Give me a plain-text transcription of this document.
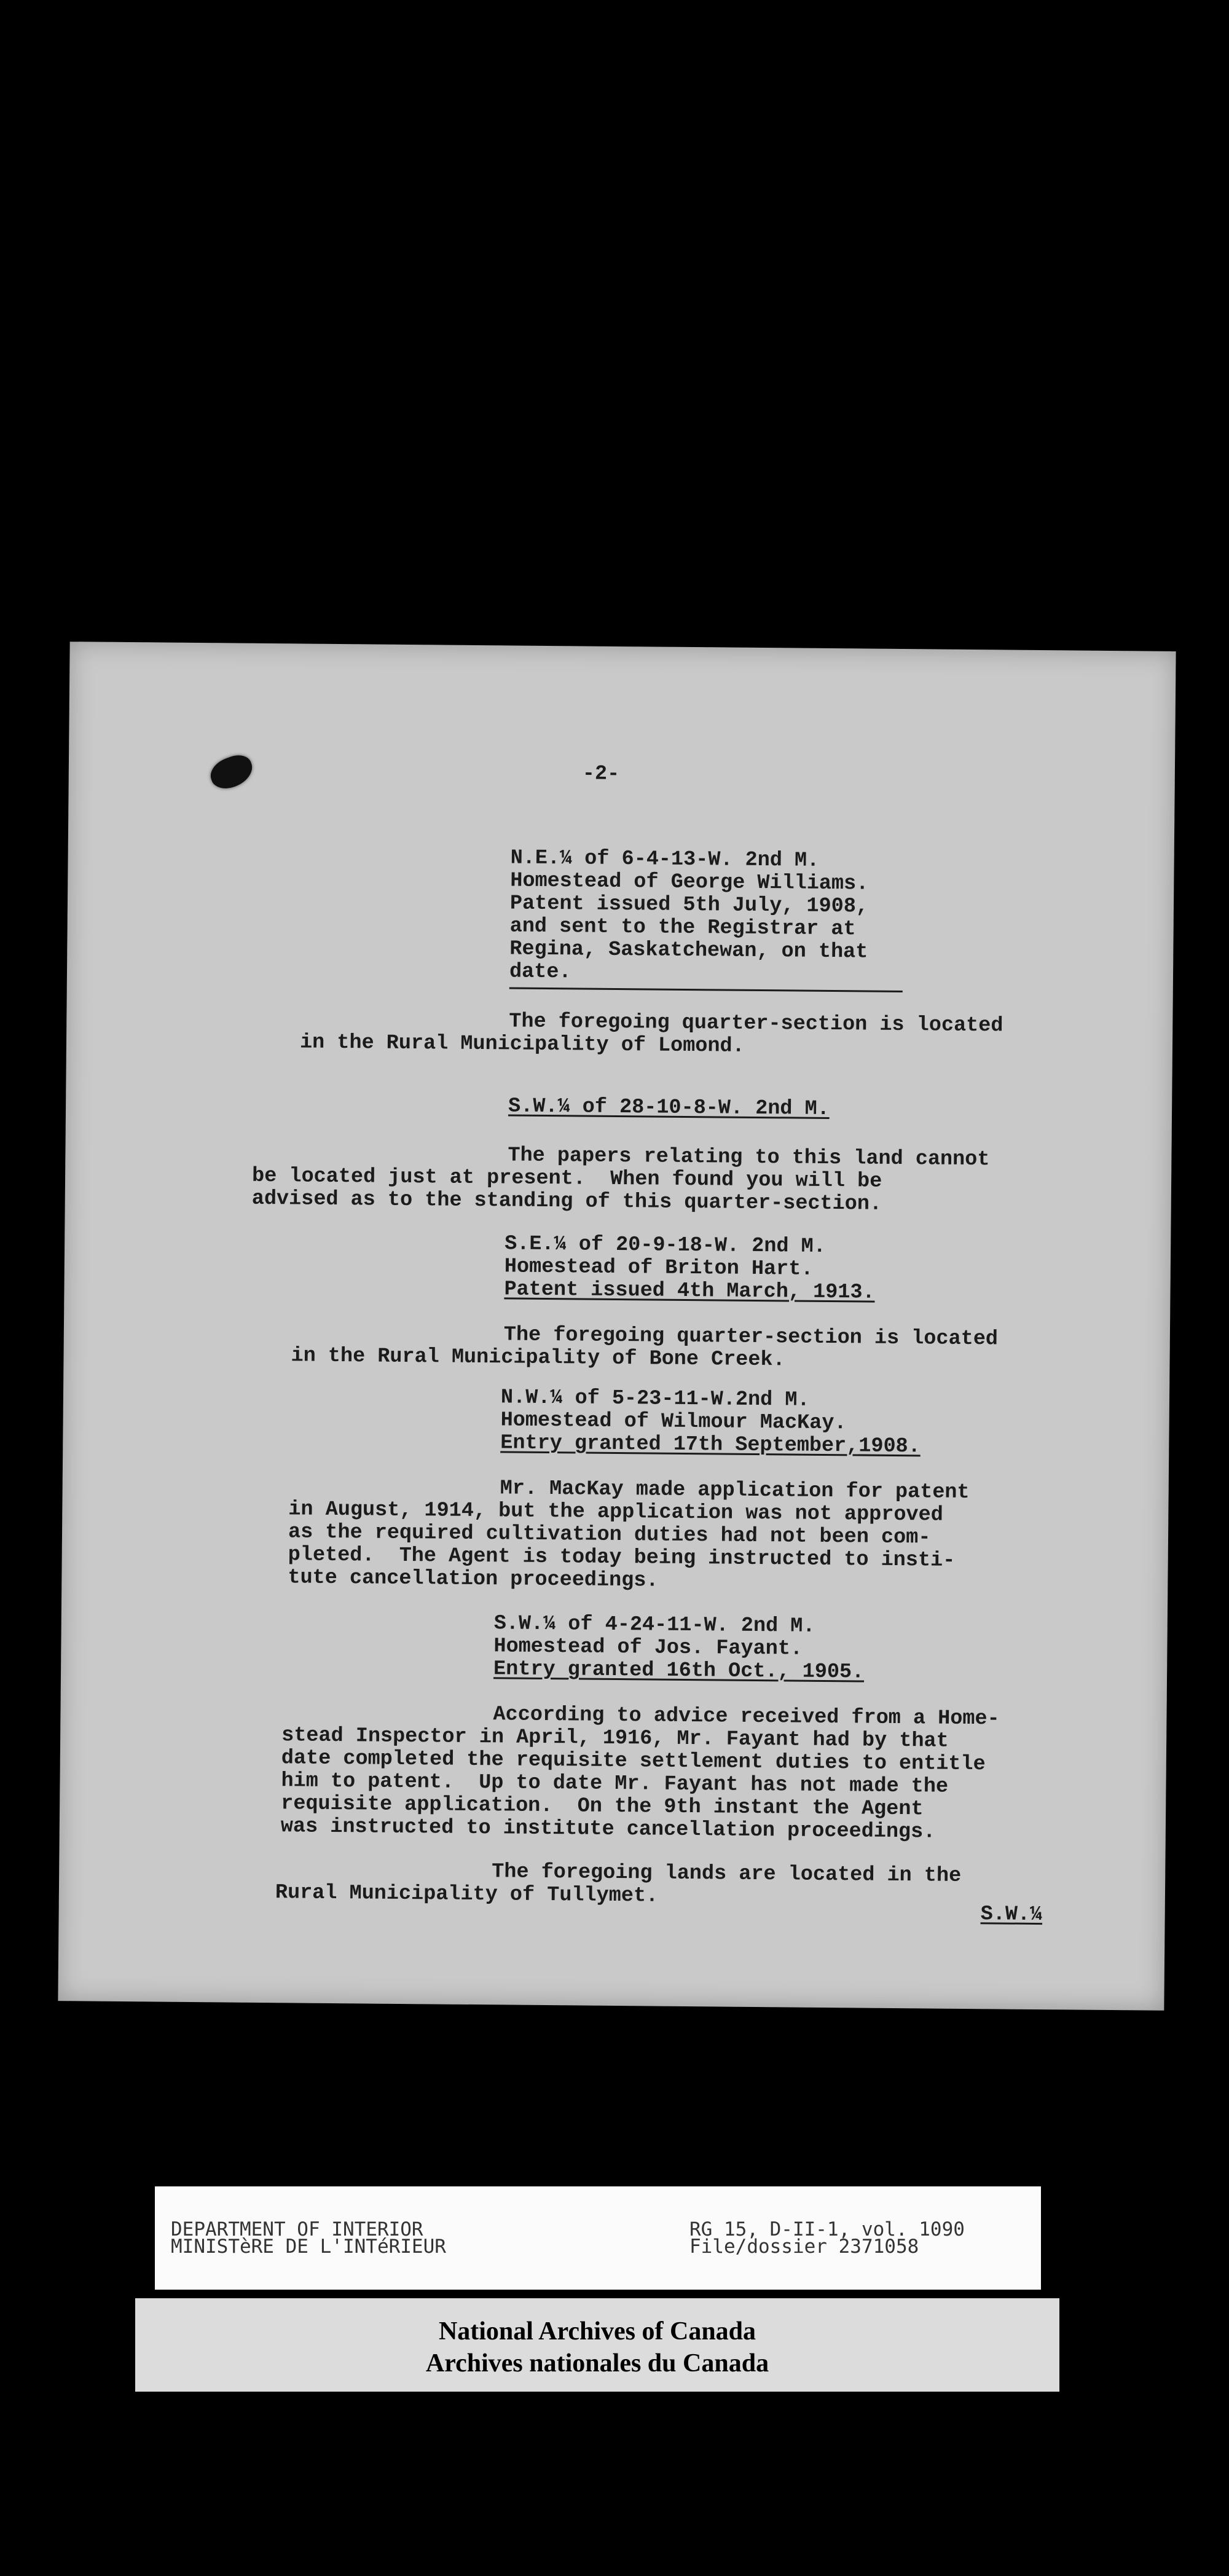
-2-
N.E.¼ of 6-4-13-W. 2nd M.
Homestead of George Williams.
Patent issued 5th July, 1908,
and sent to the Registrar at
Regina, Saskatchewan, on that
date.
The foregoing quarter-section is located
in the Rural Municipality of Lomond.
S.W.¼ of 28-10-8-W. 2nd M.
The papers relating to this land cannot
be located just at present.  When found you will be
advised as to the standing of this quarter-section.
S.E.¼ of 20-9-18-W. 2nd M.
Homestead of Briton Hart.
Patent issued 4th March, 1913.
The foregoing quarter-section is located
in the Rural Municipality of Bone Creek.
N.W.¼ of 5-23-11-W.2nd M.
Homestead of Wilmour MacKay.
Entry granted 17th September,1908.
Mr. MacKay made application for patent
in August, 1914, but the application was not approved
as the required cultivation duties had not been com-
pleted.  The Agent is today being instructed to insti-
tute cancellation proceedings.
S.W.¼ of 4-24-11-W. 2nd M.
Homestead of Jos. Fayant.
Entry granted 16th Oct., 1905.
According to advice received from a Home-
stead Inspector in April, 1916, Mr. Fayant had by that
date completed the requisite settlement duties to entitle
him to patent.  Up to date Mr. Fayant has not made the
requisite application.  On the 9th instant the Agent
was instructed to institute cancellation proceedings.
The foregoing lands are located in the
Rural Municipality of Tullymet.
S.W.¼
DEPARTMENT OF INTERIOR
MINISTèRE DE L'INTéRIEUR
RG 15, D-II-1, vol. 1090
File/dossier 2371058
National Archives of Canada
Archives nationales du Canada
